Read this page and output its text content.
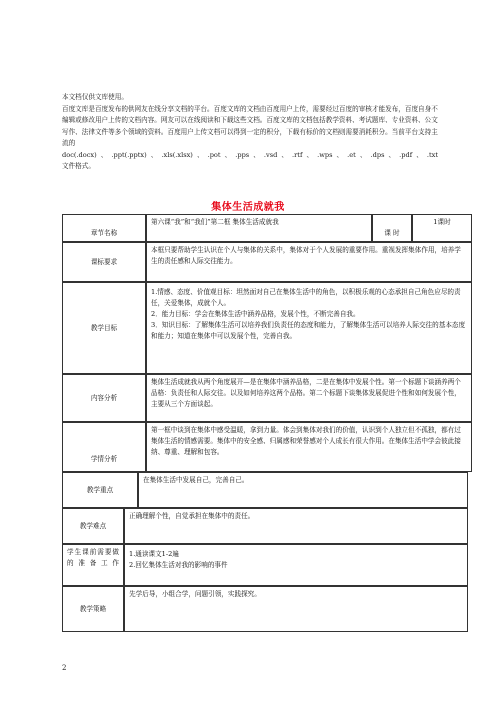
本文档仅供文库使用。

百度文库是百度发布的供网友在线分享文档的平台。百度文库的文档由百度用户上传，需要经过百度的审核才能发布，百度自身不编辑或修改用户上传的文档内容。网友可以在线阅读和下载这些文档。百度文库的文档包括教学资料、考试题库、专业资料、公文写作、法律文件等多个领域的资料。百度用户上传文档可以得到一定的积分，下载有标价的文档则需要消耗积分。当前平台支持主流的

doc(.docx)、.ppt(.pptx)、.xls(.xlsx)、.pot、.pps、.vsd、.rtf、.wps、.et、.dps、.pdf、.txt

文件格式。

集体生活成就我
章节名称
第六课“我”和“我们”第二框 集体生活成就我
课 时
1课时
课标要求
本框只要帮助学生认识在个人与集体的关系中，集体对于个人发展的重要作用。重视发挥集体作用，培养学生的责任感和人际交往能力。
教学目标
1.情感、态度、价值观目标：坦然面对自己在集体生活中的角色，以积极乐观的心态承担自己角色应尽的责任，关爱集体，成就个人。
2．能力目标：学会在集体生活中涵养品格，发展个性，不断完善自我。
3．知识目标：了解集体生活可以培养我们负责任的态度和能力，了解集体生活可以培养人际交往的基本态度和能力；知道在集体中可以发展个性，完善自我。
内容分析
集体生活成就我从两个角度展开—是在集体中涵养品格，二是在集体中发展个性。第一个标题下谈涵养两个品格：负责任和人际交往。以及如何培养这两个品格。第二个标题下谈集体发展促进个性和如何发展个性，主要从三个方面谈起。
学情分析
第一框中谈到在集体中感受温暖，拿到力量。体会到集体对我们的价值，认识到个人独立但不孤独，都有过集体生活的情感需要。集体中的安全感、归属感和荣誉感对个人成长有很大作用。在集体生活中学会彼此接纳、尊重、理解和包容。
教学重点
在集体生活中发展自己，完善自己。
教学难点
正确理解个性，自觉承担在集体中的责任。
学生课前需要做的准备工作
1.通读课文1-2遍
2.回忆集体生活对我的影响的事件
教学策略
先学后导，小组合学，问题引领，实践探究。
2
